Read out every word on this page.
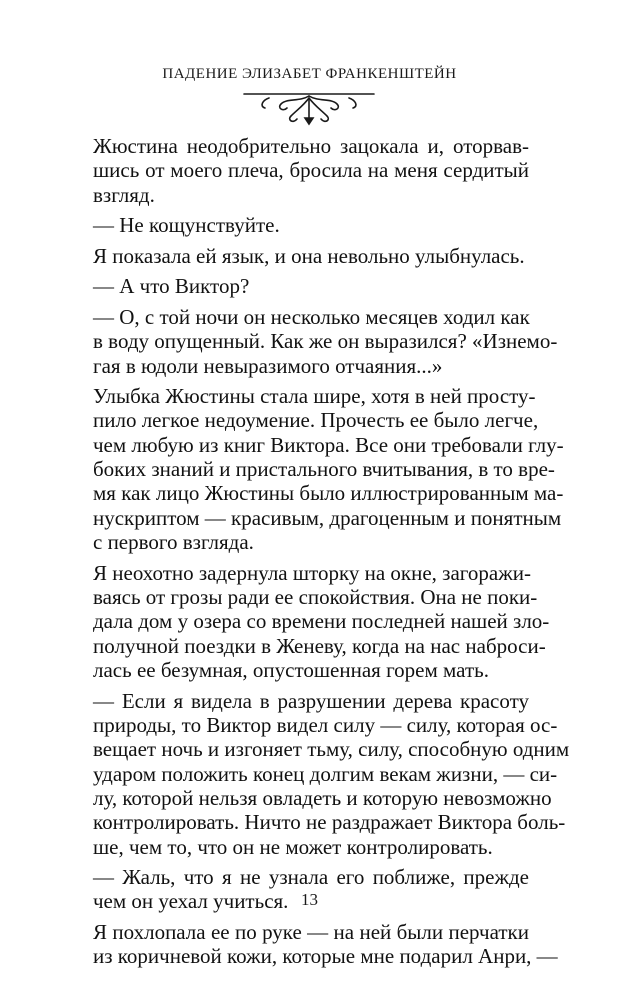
ПАДЕНИЕ ЭЛИЗАБЕТ ФРАНКЕНШТЕЙН
Жюстина неодобрительно зацокала и, оторвав-
шись от моего плеча, бросила на меня сердитый
взгляд.
— Не кощунствуйте.
Я показала ей язык, и она невольно улыбнулась.
— А что Виктор?
— О, с той ночи он несколько месяцев ходил как
в воду опущенный. Как же он выразился? «Изнемо-
гая в юдоли невыразимого отчаяния...»
Улыбка Жюстины стала шире, хотя в ней просту-
пило легкое недоумение. Прочесть ее было легче,
чем любую из книг Виктора. Все они требовали глу-
боких знаний и пристального вчитывания, в то вре-
мя как лицо Жюстины было иллюстрированным ма-
нускриптом — красивым, драгоценным и понятным
с первого взгляда.
Я неохотно задернула шторку на окне, загоражи-
ваясь от грозы ради ее спокойствия. Она не поки-
дала дом у озера со времени последней нашей зло-
получной поездки в Женеву, когда на нас наброси-
лась ее безумная, опустошенная горем мать.
— Если я видела в разрушении дерева красоту
природы, то Виктор видел силу — силу, которая ос-
вещает ночь и изгоняет тьму, силу, способную одним
ударом положить конец долгим векам жизни, — си-
лу, которой нельзя овладеть и которую невозможно
контролировать. Ничто не раздражает Виктора боль-
ше, чем то, что он не может контролировать.
— Жаль, что я не узнала его поближе, прежде
чем он уехал учиться.
Я похлопала ее по руке — на ней были перчатки
из коричневой кожи, которые мне подарил Анри, —
13
